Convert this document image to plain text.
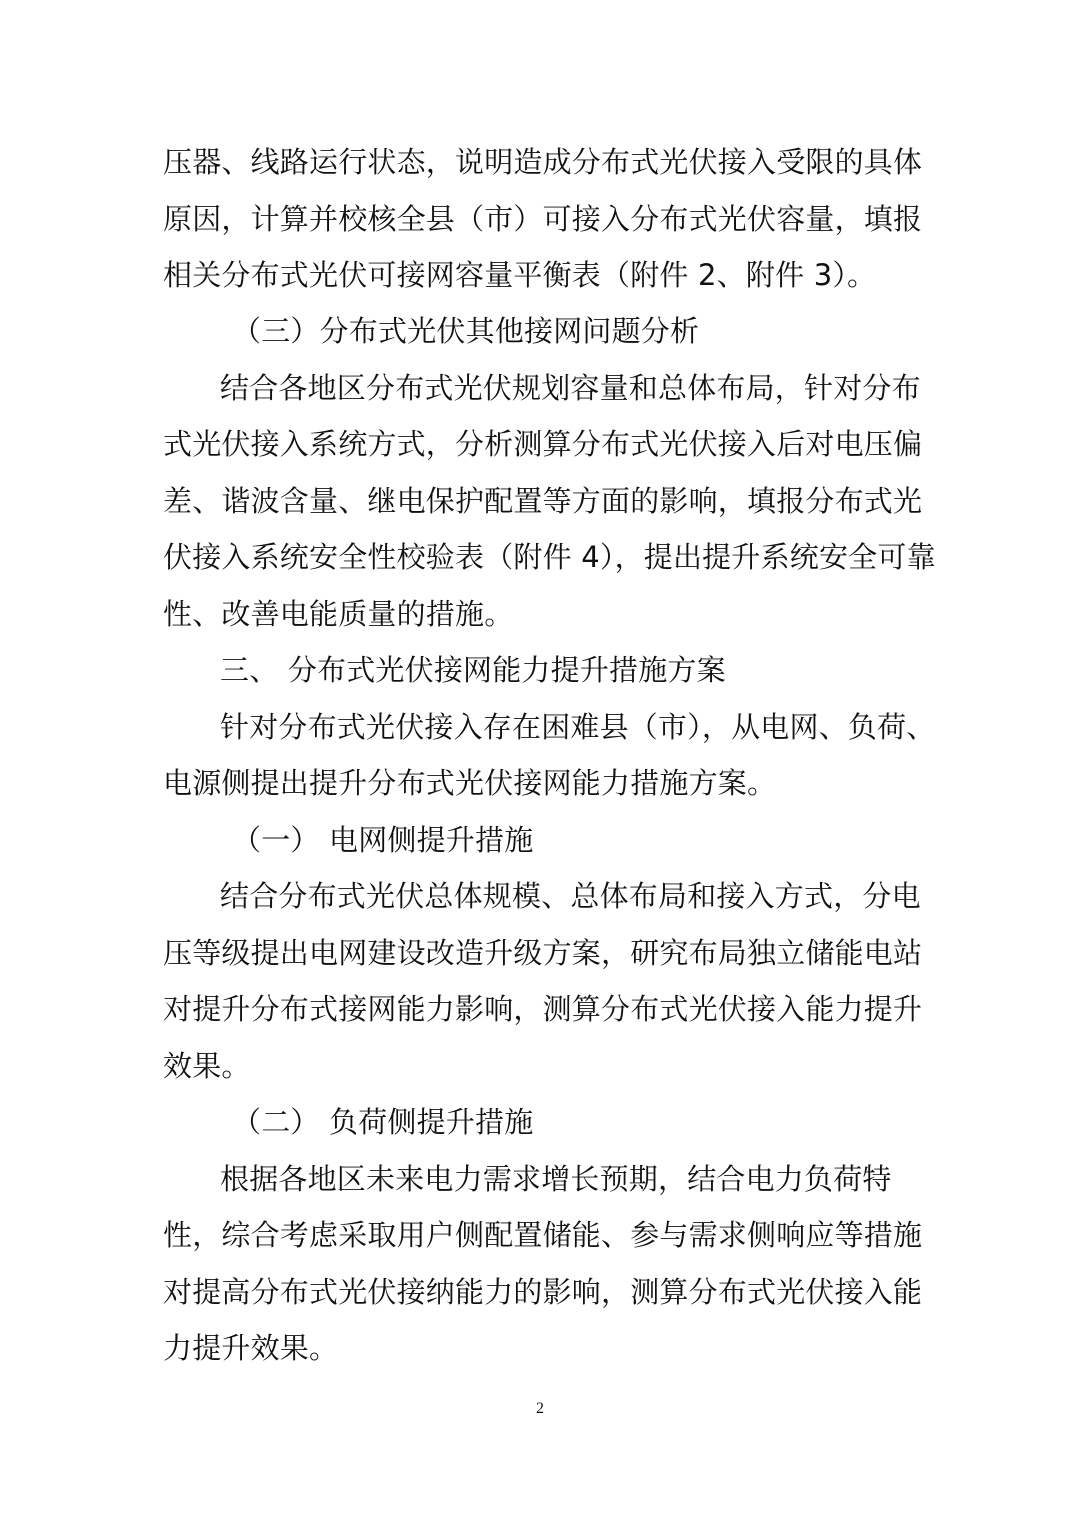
压器、线路运行状态，说明造成分布式光伏接入受限的具体
原因，计算并校核全县（市）可接入分布式光伏容量，填报
相关分布式光伏可接网容量平衡表（附件 2、附件 3）。
（三）分布式光伏其他接网问题分析
结合各地区分布式光伏规划容量和总体布局，针对分布
式光伏接入系统方式，分析测算分布式光伏接入后对电压偏
差、谐波含量、继电保护配置等方面的影响，填报分布式光
伏接入系统安全性校验表（附件 4），提出提升系统安全可靠
性、改善电能质量的措施。
三、 分布式光伏接网能力提升措施方案
针对分布式光伏接入存在困难县（市），从电网、负荷、
电源侧提出提升分布式光伏接网能力措施方案。
（一） 电网侧提升措施
结合分布式光伏总体规模、总体布局和接入方式，分电
压等级提出电网建设改造升级方案，研究布局独立储能电站
对提升分布式接网能力影响，测算分布式光伏接入能力提升
效果。
（二） 负荷侧提升措施
根据各地区未来电力需求增长预期，结合电力负荷特
性，综合考虑采取用户侧配置储能、参与需求侧响应等措施
对提高分布式光伏接纳能力的影响，测算分布式光伏接入能
力提升效果。
2
